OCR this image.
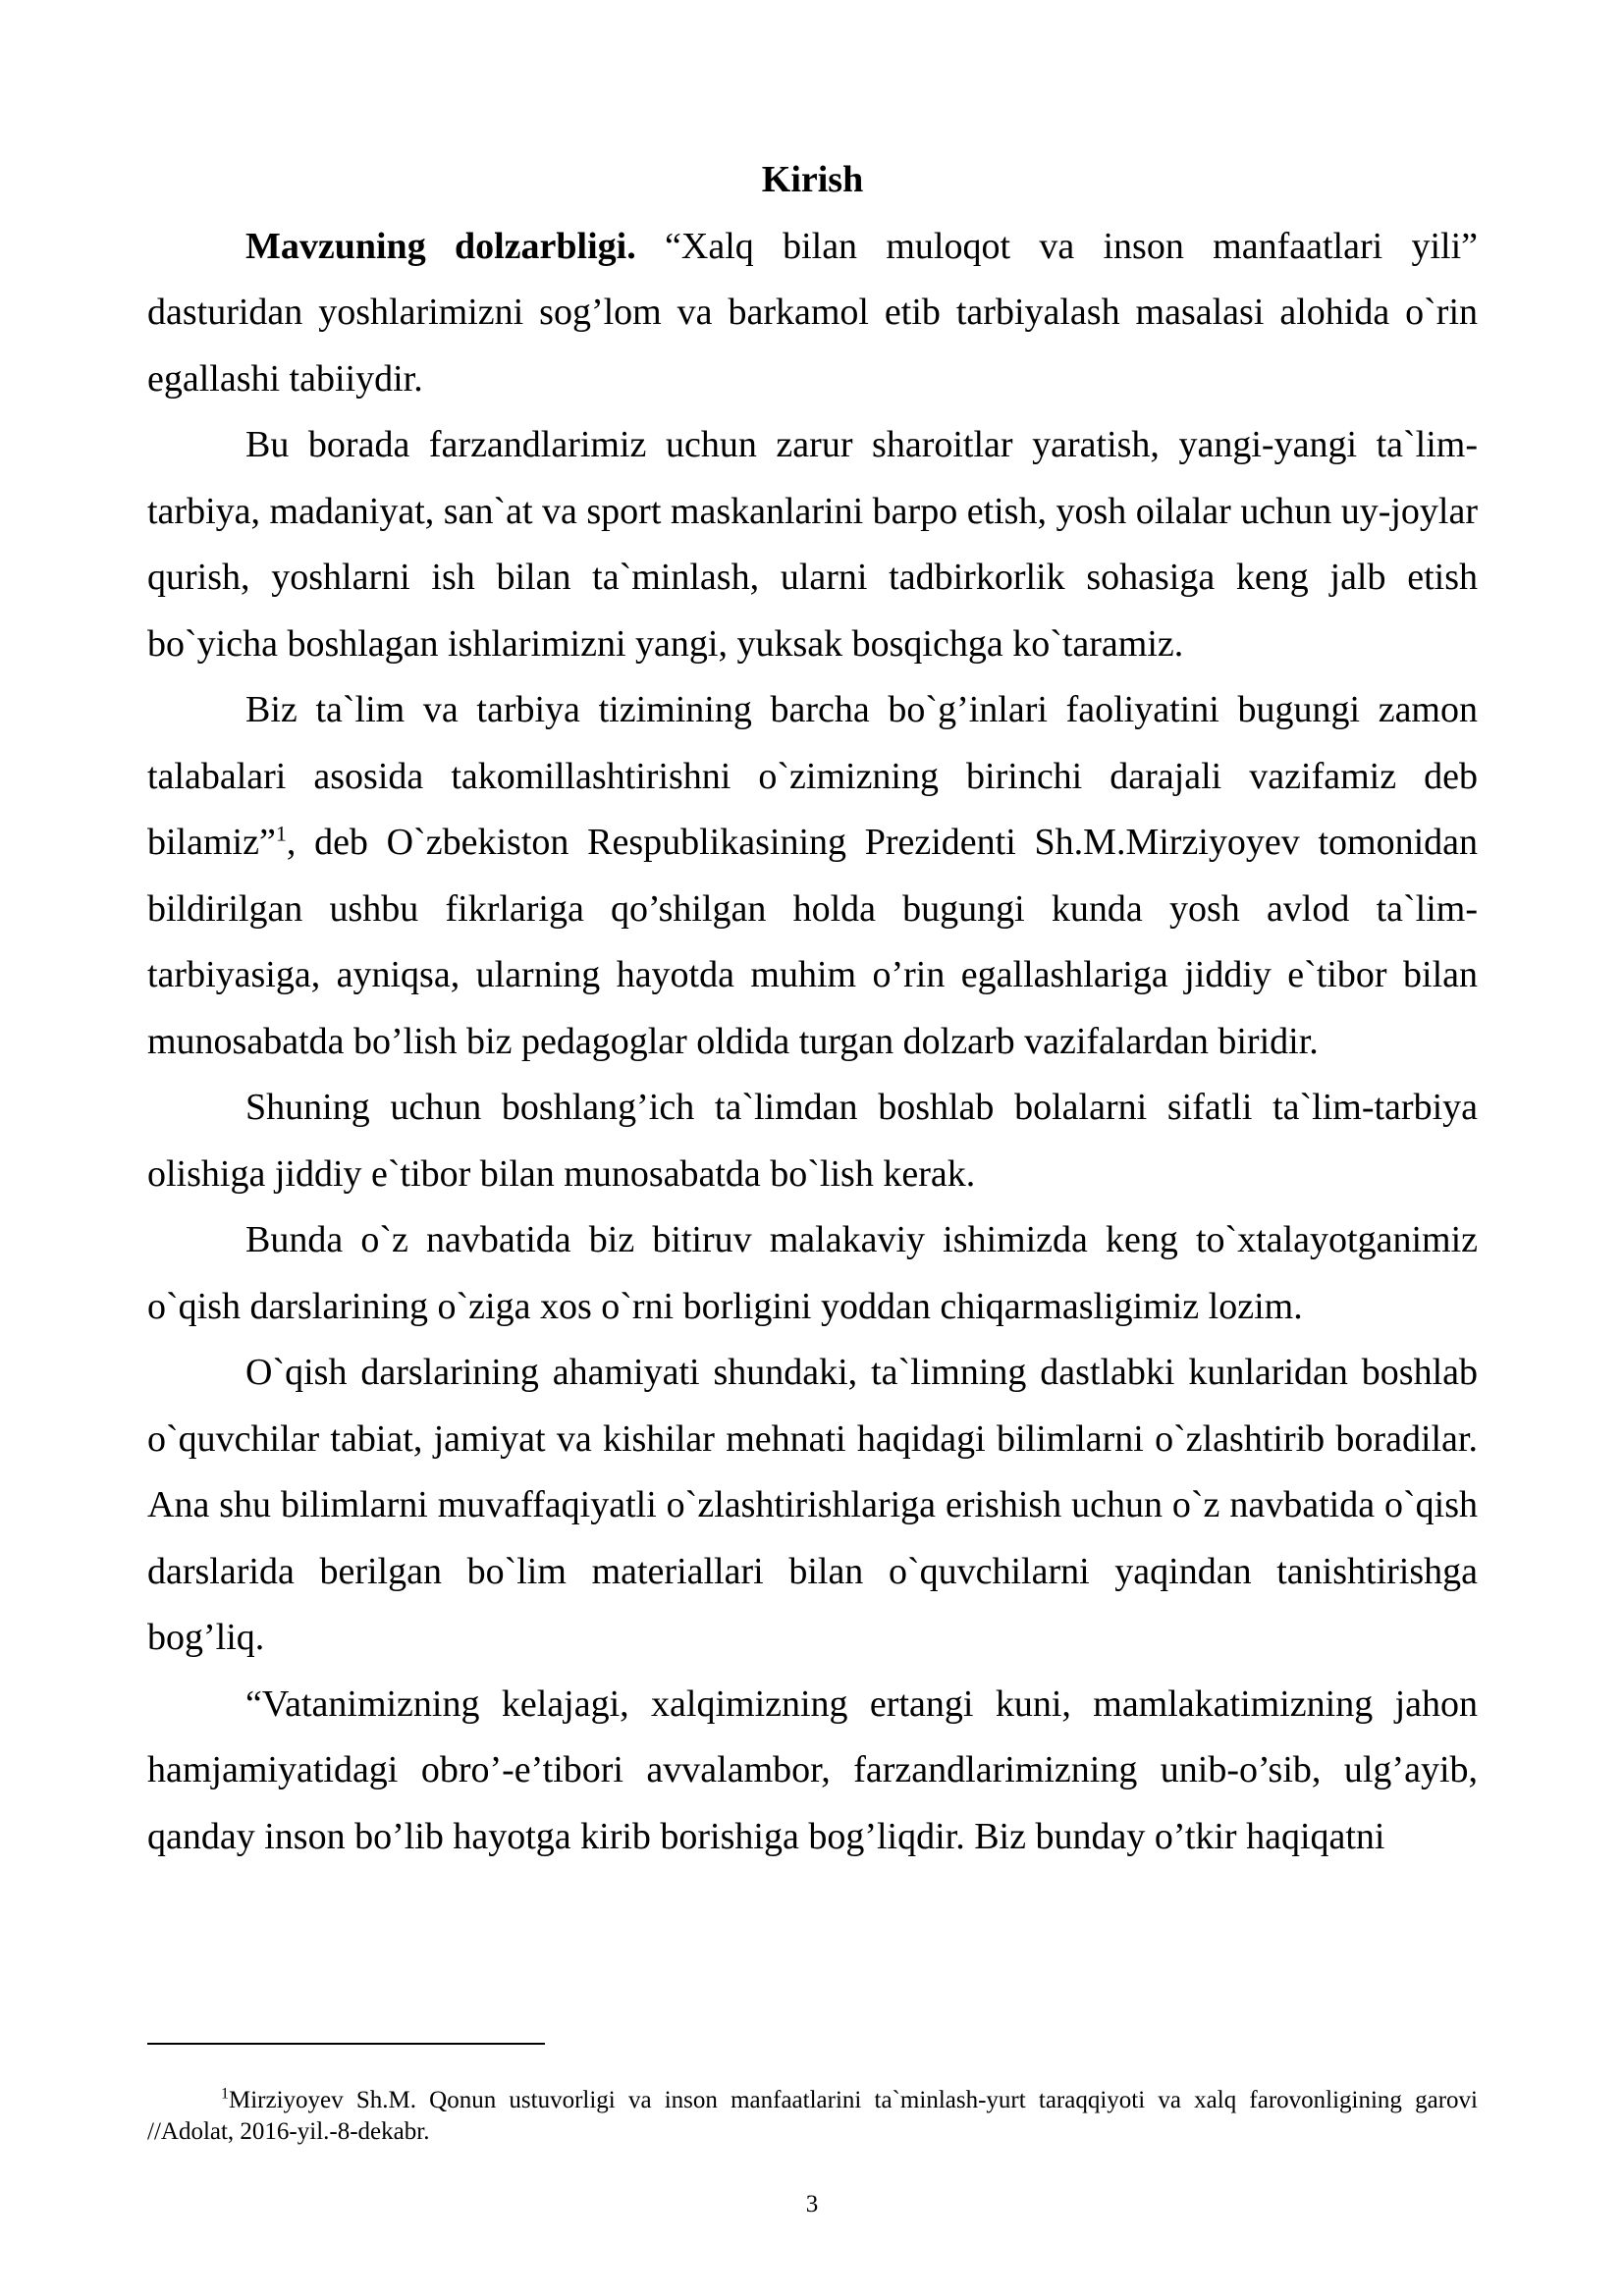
Kirish

Mavzuning dolzarbligi. “Xalq bilan muloqot va inson manfaatlari yili” dasturidan yoshlarimizni sog’lom va barkamol etib tarbiyalash masalasi alohida o`rin egallashi tabiiydir.

Bu borada farzandlarimiz uchun zarur sharoitlar yaratish, yangi-yangi ta`lim-tarbiya, madaniyat, san`at va sport maskanlarini barpo etish, yosh oilalar uchun uy-joylar qurish, yoshlarni ish bilan ta`minlash, ularni tadbirkorlik sohasiga keng jalb etish bo`yicha boshlagan ishlarimizni yangi, yuksak bosqichga ko`taramiz.

Biz ta`lim va tarbiya tizimining barcha bo`g’inlari faoliyatini bugungi zamon talabalari asosida takomillashtirishni o`zimizning birinchi darajali vazifamiz deb bilamiz”$^1$, deb O`zbekiston Respublikasining Prezidenti Sh.M.Mirziyoyev tomonidan bildirilgan ushbu fikrlariga qo’shilgan holda bugungi kunda yosh avlod ta`lim-tarbiyasiga, ayniqsa, ularning hayotda muhim o’rin egallashlariga jiddiy e`tibor bilan munosabatda bo’lish biz pedagoglar oldida turgan dolzarb vazifalardan biridir.

Shuning uchun boshlang’ich ta`limdan boshlab bolalarni sifatli ta`lim-tarbiya olishiga jiddiy e`tibor bilan munosabatda bo`lish kerak.

Bunda o`z navbatida biz bitiruv malakaviy ishimizda keng to`xtalayotganimiz o`qish darslarining o`ziga xos o`rni borligini yoddan chiqarmasligimiz lozim.

O`qish darslarining ahamiyati shundaki, ta`limning dastlabki kunlaridan boshlab o`quvchilar tabiat, jamiyat va kishilar mehnati haqidagi bilimlarni o`zlashtirib boradilar. Ana shu bilimlarni muvaffaqiyatli o`zlashtirishlariga erishish uchun o`z navbatida o`qish darslarida berilgan bo`lim materiallari bilan o`quvchilarni yaqindan tanishtirishga bog’liq.

“Vatanimizning kelajagi, xalqimizning ertangi kuni, mamlakatimizning jahon hamjamiyatidagi obro’-e’tibori avvalambor, farzandlarimizning unib-o’sib, ulg’ayib, qanday inson bo’lib hayotga kirib borishiga bog’liqdir. Biz bunday o’tkir haqiqatni

$^1$Mirziyoyev Sh.M. Qonun ustuvorligi va inson manfaatlarini ta`minlash-yurt taraqqiyoti va xalq farovonligining garovi //Adolat, 2016-yil.-8-dekabr.

3
